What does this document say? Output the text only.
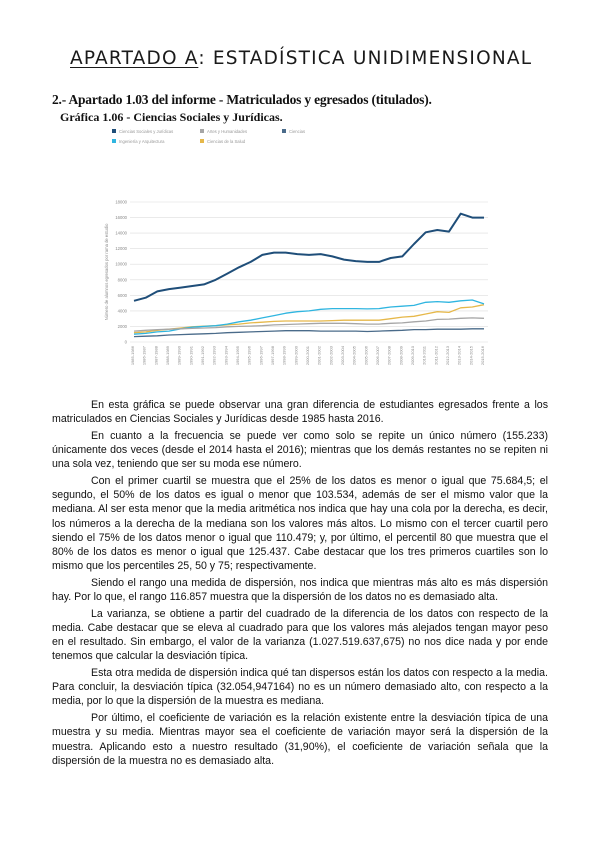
APARTADO A: ESTADÍSTICA UNIDIMENSIONAL
2.- Apartado 1.03 del informe - Matriculados y egresados (titulados).
Gráfica 1.06 - Ciencias Sociales y Jurídicas.
Ciencias Sociales y Jurídicas	Artes y Humanidades	Ciencias
Ingeniería y Arquitectura	Ciencias de la Salud
0
2000
4000
6000
8000
10000
12000
14000
16000
18000
1985-1986 1986-1987 1987-1988 1988-1989 1989-1990 1990-1991 1991-1992 1992-1993 1993-1994 1994-1995 1995-1996 1996-1997 1997-1998 1998-1999 1999-2000 2000-2001 2001-2002 2002-2003 2003-2004 2004-2005 2005-2006 2006-2007 2007-2008 2008-2009 2009-2010 2010-2011 2011-2012 2012-2013 2013-2014 2014-2015 2015-2016
Número de alumnos egresados por rama de estudio

En esta gráfica se puede observar una gran diferencia de estudiantes egresados frente a los matriculados en Ciencias Sociales y Jurídicas desde 1985 hasta 2016.

En cuanto a la frecuencia se puede ver como solo se repite un único número (155.233) únicamente dos veces (desde el 2014 hasta el 2016); mientras que los demás restantes no se repiten ni una sola vez, teniendo que ser su moda ese número.

Con el primer cuartil se muestra que el 25% de los datos es menor o igual que 75.684,5; el segundo, el 50% de los datos es igual o menor que 103.534, además de ser el mismo valor que la mediana. Al ser esta menor que la media aritmética nos indica que hay una cola por la derecha, es decir, los números a la derecha de la mediana son los valores más altos. Lo mismo con el tercer cuartil pero siendo el 75% de los datos menor o igual que 110.479; y, por último, el percentil 80 que muestra que el 80% de los datos es menor o igual que 125.437. Cabe destacar que los tres primeros cuartiles son lo mismo que los percentiles 25, 50 y 75; respectivamente.

Siendo el rango una medida de dispersión, nos indica que mientras más alto es más dispersión hay. Por lo que, el rango 116.857 muestra que la dispersión de los datos no es demasiado alta.

La varianza, se obtiene a partir del cuadrado de la diferencia de los datos con respecto de la media. Cabe destacar que se eleva al cuadrado para que los valores más alejados tengan mayor peso en el resultado. Sin embargo, el valor de la varianza (1.027.519.637,675) no nos dice nada y por ende tenemos que calcular la desviación típica.

Esta otra medida de dispersión indica qué tan dispersos están los datos con respecto a la media. Para concluir, la desviación típica (32.054,947164) no es un número demasiado alto, con respecto a la media, por lo que la dispersión de la muestra es mediana.

Por último, el coeficiente de variación es la relación existente entre la desviación típica de una muestra y su media. Mientras mayor sea el coeficiente de variación mayor será la dispersión de la muestra. Aplicando esto a nuestro resultado (31,90%), el coeficiente de variación señala que la dispersión de la muestra no es demasiado alta.
